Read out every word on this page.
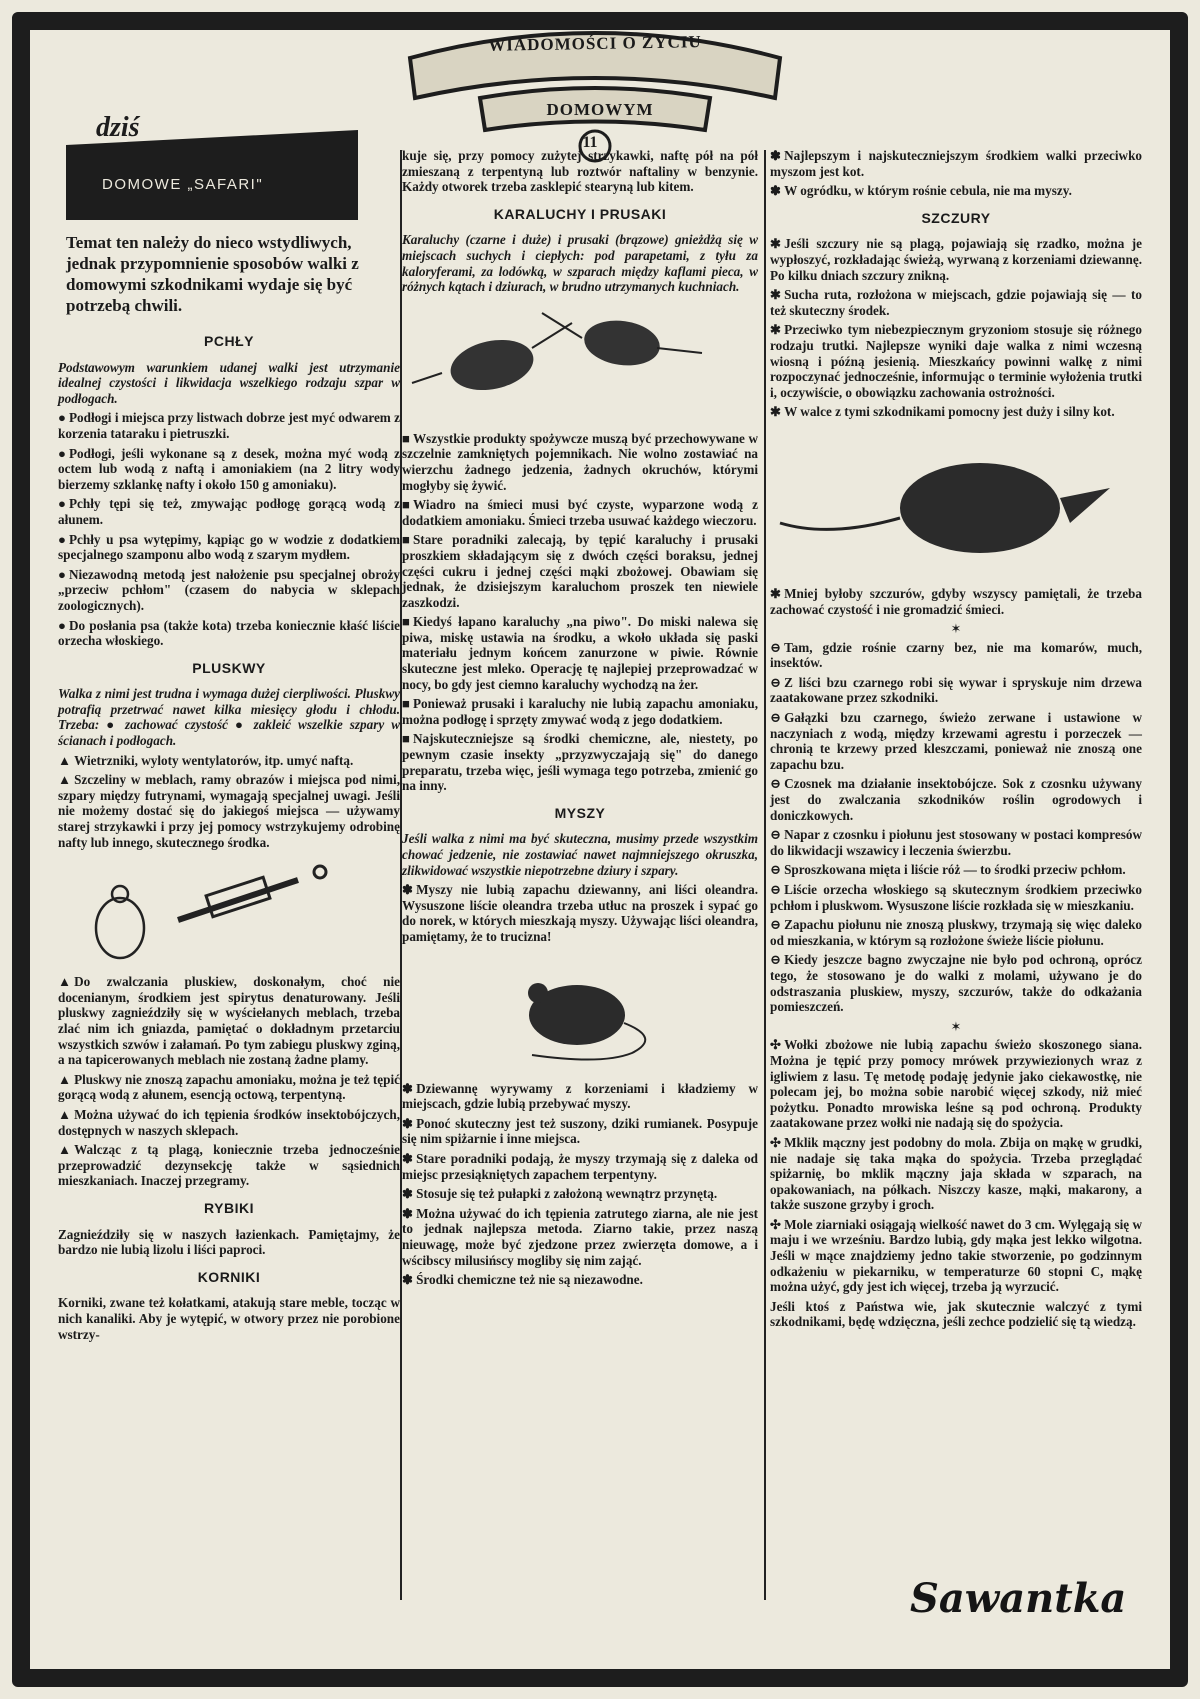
WIADOMOŚCI O ŻYCIU
DOMOWYM
11
dziś
DOMOWE „SAFARI"

Temat ten należy do nieco wstydliwych, jednak przypomnienie sposobów walki z domowymi szkodnikami wydaje się być potrzebą chwili.

PCHŁY

Podstawowym warunkiem udanej walki jest utrzymanie idealnej czystości i likwidacja wszelkiego rodzaju szpar w podłogach.

● Podłogi i miejsca przy listwach dobrze jest myć odwarem z korzenia tataraku i pietruszki.

● Podłogi, jeśli wykonane są z desek, można myć wodą z octem lub wodą z naftą i amoniakiem (na 2 litry wody bierzemy szklankę nafty i około 150 g amoniaku).

● Pchły tępi się też, zmywając podłogę gorącą wodą z ałunem.

● Pchły u psa wytępimy, kąpiąc go w wodzie z dodatkiem specjalnego szamponu albo wodą z szarym mydłem.

● Niezawodną metodą jest nałożenie psu specjalnej obroży „przeciw pchłom" (czasem do nabycia w sklepach zoologicznych).

● Do posłania psa (także kota) trzeba koniecznie kłaść liście orzecha włoskiego.

PLUSKWY

Walka z nimi jest trudna i wymaga dużej cierpliwości. Pluskwy potrafią przetrwać nawet kilka miesięcy głodu i chłodu. Trzeba: ● zachować czystość ● zakleić wszelkie szpary w ścianach i podłogach.

▲ Wietrzniki, wyloty wentylatorów, itp. umyć naftą.

▲ Szczeliny w meblach, ramy obrazów i miejsca pod nimi, szpary między futrynami, wymagają specjalnej uwagi. Jeśli nie możemy dostać się do jakiegoś miejsca — używamy starej strzykawki i przy jej pomocy wstrzykujemy odrobinę nafty lub innego, skutecznego środka.

▲ Do zwalczania pluskiew, doskonałym, choć nie docenianym, środkiem jest spirytus denaturowany. Jeśli pluskwy zagnieździły się w wyściełanych meblach, trzeba zlać nim ich gniazda, pamiętać o dokładnym przetarciu wszystkich szwów i załamań. Po tym zabiegu pluskwy zginą, a na tapicerowanych meblach nie zostaną żadne plamy.

▲ Pluskwy nie znoszą zapachu amoniaku, można je też tępić gorącą wodą z ałunem, esencją octową, terpentyną.

▲ Można używać do ich tępienia środków insektobójczych, dostępnych w naszych sklepach.

▲ Walcząc z tą plagą, koniecznie trzeba jednocześnie przeprowadzić dezynsekcję także w sąsiednich mieszkaniach. Inaczej przegramy.

RYBIKI

Zagnieździły się w naszych łazienkach. Pamiętajmy, że bardzo nie lubią lizolu i liści paproci.

KORNIKI

Korniki, zwane też kołatkami, atakują stare meble, tocząc w nich kanaliki. Aby je wytępić, w otwory przez nie porobione wstrzy-

kuje się, przy pomocy zużytej strzykawki, naftę pół na pół zmieszaną z terpentyną lub roztwór naftaliny w benzynie. Każdy otworek trzeba zasklepić stearyną lub kitem.

KARALUCHY I PRUSAKI

Karaluchy (czarne i duże) i prusaki (brązowe) gnieżdżą się w miejscach suchych i ciepłych: pod parapetami, z tyłu za kaloryferami, za lodówką, w szparach między kaflami pieca, w różnych kątach i dziurach, w brudno utrzymanych kuchniach.

■ Wszystkie produkty spożywcze muszą być przechowywane w szczelnie zamkniętych pojemnikach. Nie wolno zostawiać na wierzchu żadnego jedzenia, żadnych okruchów, którymi mogłyby się żywić.

■ Wiadro na śmieci musi być czyste, wyparzone wodą z dodatkiem amoniaku. Śmieci trzeba usuwać każdego wieczoru.

■ Stare poradniki zalecają, by tępić karaluchy i prusaki proszkiem składającym się z dwóch części boraksu, jednej części cukru i jednej części mąki zbożowej. Obawiam się jednak, że dzisiejszym karaluchom proszek ten niewiele zaszkodzi.

■ Kiedyś łapano karaluchy „na piwo". Do miski nalewa się piwa, miskę ustawia na środku, a wkoło układa się paski materiału jednym końcem zanurzone w piwie. Równie skuteczne jest mleko. Operację tę najlepiej przeprowadzać w nocy, bo gdy jest ciemno karaluchy wychodzą na żer.

■ Ponieważ prusaki i karaluchy nie lubią zapachu amoniaku, można podłogę i sprzęty zmywać wodą z jego dodatkiem.

■ Najskuteczniejsze są środki chemiczne, ale, niestety, po pewnym czasie insekty „przyzwyczajają się" do danego preparatu, trzeba więc, jeśli wymaga tego potrzeba, zmienić go na inny.

MYSZY

Jeśli walka z nimi ma być skuteczna, musimy przede wszystkim chować jedzenie, nie zostawiać nawet najmniejszego okruszka, zlikwidować wszystkie niepotrzebne dziury i szpary.

✽ Myszy nie lubią zapachu dziewanny, ani liści oleandra. Wysuszone liście oleandra trzeba utłuc na proszek i sypać go do norek, w których mieszkają myszy. Używając liści oleandra, pamiętamy, że to trucizna!

✽ Dziewannę wyrywamy z korzeniami i kładziemy w miejscach, gdzie lubią przebywać myszy.

✽ Ponoć skuteczny jest też suszony, dziki rumianek. Posypuje się nim spiżarnie i inne miejsca.

✽ Stare poradniki podają, że myszy trzymają się z daleka od miejsc przesiąkniętych zapachem terpentyny.

✽ Stosuje się też pułapki z założoną wewnątrz przynętą.

✽ Można używać do ich tępienia zatrutego ziarna, ale nie jest to jednak najlepsza metoda. Ziarno takie, przez naszą nieuwagę, może być zjedzone przez zwierzęta domowe, a i wścibscy milusińscy mogliby się nim zająć.

✽ Środki chemiczne też nie są niezawodne.

✽ Najlepszym i najskuteczniejszym środkiem walki przeciwko myszom jest kot.

✽ W ogródku, w którym rośnie cebula, nie ma myszy.

SZCZURY

✱ Jeśli szczury nie są plagą, pojawiają się rzadko, można je wypłoszyć, rozkładając świeżą, wyrwaną z korzeniami dziewannę. Po kilku dniach szczury znikną.

✱ Sucha ruta, rozłożona w miejscach, gdzie pojawiają się — to też skuteczny środek.

✱ Przeciwko tym niebezpiecznym gryzoniom stosuje się różnego rodzaju trutki. Najlepsze wyniki daje walka z nimi wczesną wiosną i późną jesienią. Mieszkańcy powinni walkę z nimi rozpoczynać jednocześnie, informując o terminie wyłożenia trutki i, oczywiście, o obowiązku zachowania ostrożności.

✱ W walce z tymi szkodnikami pomocny jest duży i silny kot.

✱ Mniej byłoby szczurów, gdyby wszyscy pamiętali, że trzeba zachować czystość i nie gromadzić śmieci.

✶

⊖ Tam, gdzie rośnie czarny bez, nie ma komarów, much, insektów.

⊖ Z liści bzu czarnego robi się wywar i spryskuje nim drzewa zaatakowane przez szkodniki.

⊖ Gałązki bzu czarnego, świeżo zerwane i ustawione w naczyniach z wodą, między krzewami agrestu i porzeczek — chronią te krzewy przed kleszczami, ponieważ nie znoszą one zapachu bzu.

⊖ Czosnek ma działanie insektobójcze. Sok z czosnku używany jest do zwalczania szkodników roślin ogrodowych i doniczkowych.

⊖ Napar z czosnku i piołunu jest stosowany w postaci kompresów do likwidacji wszawicy i leczenia świerzbu.

⊖ Sproszkowana mięta i liście róż — to środki przeciw pchłom.

⊖ Liście orzecha włoskiego są skutecznym środkiem przeciwko pchłom i pluskwom. Wysuszone liście rozkłada się w mieszkaniu.

⊖ Zapachu piołunu nie znoszą pluskwy, trzymają się więc daleko od mieszkania, w którym są rozłożone świeże liście piołunu.

⊖ Kiedy jeszcze bagno zwyczajne nie było pod ochroną, oprócz tego, że stosowano je do walki z molami, używano je do odstraszania pluskiew, myszy, szczurów, także do odkażania pomieszczeń.

✶

✣ Wołki zbożowe nie lubią zapachu świeżo skoszonego siana. Można je tępić przy pomocy mrówek przywiezionych wraz z igliwiem z lasu. Tę metodę podaję jedynie jako ciekawostkę, nie polecam jej, bo można sobie narobić więcej szkody, niż mieć pożytku. Ponadto mrowiska leśne są pod ochroną. Produkty zaatakowane przez wołki nie nadają się do spożycia.

✣ Mklik mączny jest podobny do mola. Zbija on mąkę w grudki, nie nadaje się taka mąka do spożycia. Trzeba przeglądać spiżarnię, bo mklik mączny jaja składa w szparach, na opakowaniach, na półkach. Niszczy kasze, mąki, makarony, a także suszone grzyby i groch.

✣ Mole ziarniaki osiągają wielkość nawet do 3 cm. Wylęgają się w maju i we wrześniu. Bardzo lubią, gdy mąka jest lekko wilgotna. Jeśli w mące znajdziemy jedno takie stworzenie, po godzinnym odkażeniu w piekarniku, w temperaturze 60 stopni C, mąkę można użyć, gdy jest ich więcej, trzeba ją wyrzucić.

Jeśli ktoś z Państwa wie, jak skutecznie walczyć z tymi szkodnikami, będę wdzięczna, jeśli zechce podzielić się tą wiedzą.

Sawantka
